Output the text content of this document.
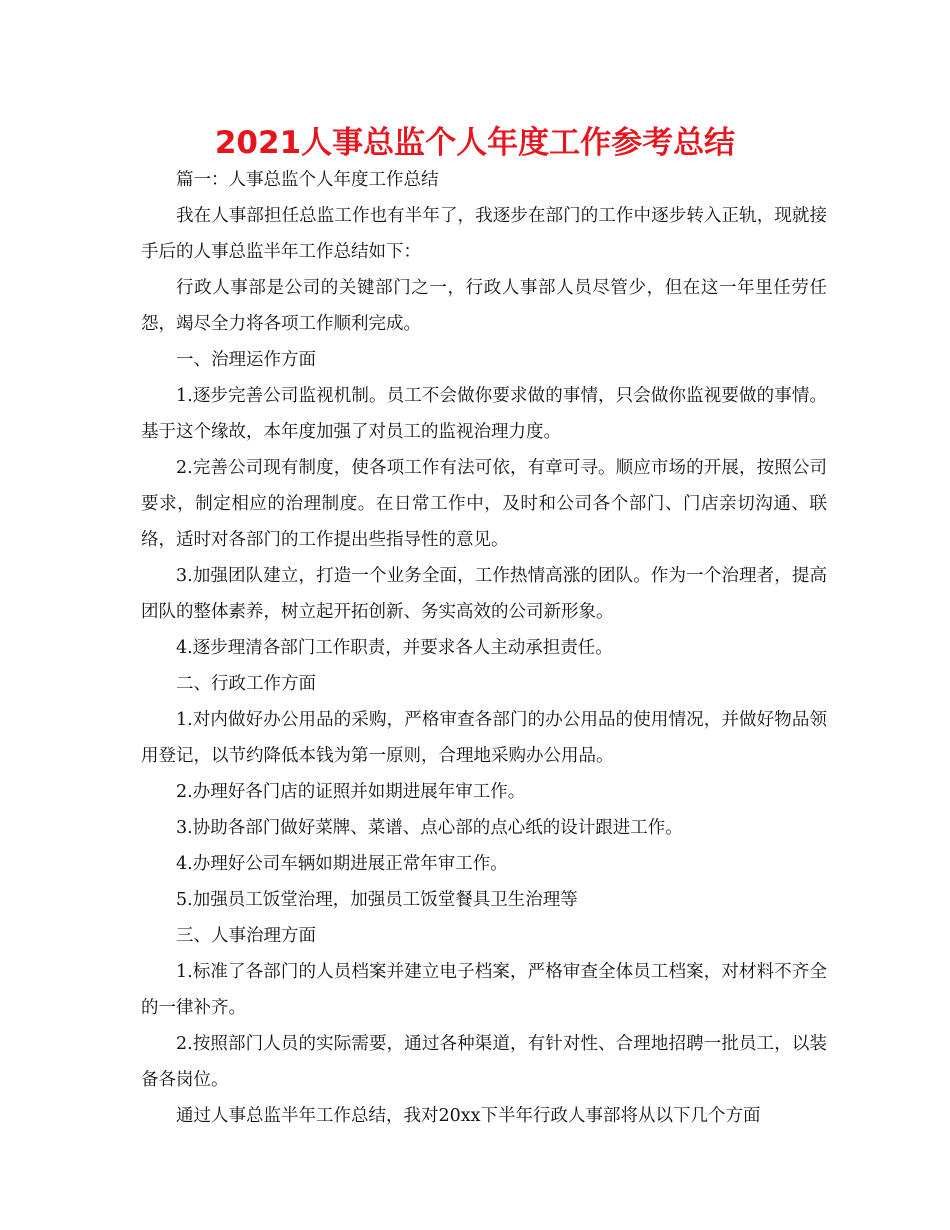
2021人事总监个人年度工作参考总结

篇一：人事总监个人年度工作总结

我在人事部担任总监工作也有半年了，我逐步在部门的工作中逐步转入正轨，现就接手后的人事总监半年工作总结如下：

行政人事部是公司的关键部门之一，行政人事部人员尽管少，但在这一年里任劳任怨，竭尽全力将各项工作顺利完成。

一、治理运作方面

1.逐步完善公司监视机制。员工不会做你要求做的事情，只会做你监视要做的事情。基于这个缘故，本年度加强了对员工的监视治理力度。

2.完善公司现有制度，使各项工作有法可依，有章可寻。顺应市场的开展，按照公司要求，制定相应的治理制度。在日常工作中，及时和公司各个部门、门店亲切沟通、联络，适时对各部门的工作提出些指导性的意见。

3.加强团队建立，打造一个业务全面，工作热情高涨的团队。作为一个治理者，提高团队的整体素养，树立起开拓创新、务实高效的公司新形象。

4.逐步理清各部门工作职责，并要求各人主动承担责任。

二、行政工作方面

1.对内做好办公用品的采购，严格审查各部门的办公用品的使用情况，并做好物品领用登记，以节约降低本钱为第一原则，合理地采购办公用品。

2.办理好各门店的证照并如期进展年审工作。

3.协助各部门做好菜牌、菜谱、点心部的点心纸的设计跟进工作。

4.办理好公司车辆如期进展正常年审工作。

5.加强员工饭堂治理，加强员工饭堂餐具卫生治理等

三、人事治理方面

1.标准了各部门的人员档案并建立电子档案，严格审查全体员工档案，对材料不齐全的一律补齐。

2.按照部门人员的实际需要，通过各种渠道，有针对性、合理地招聘一批员工，以装备各岗位。

通过人事总监半年工作总结，我对20xx下半年行政人事部将从以下几个方面
